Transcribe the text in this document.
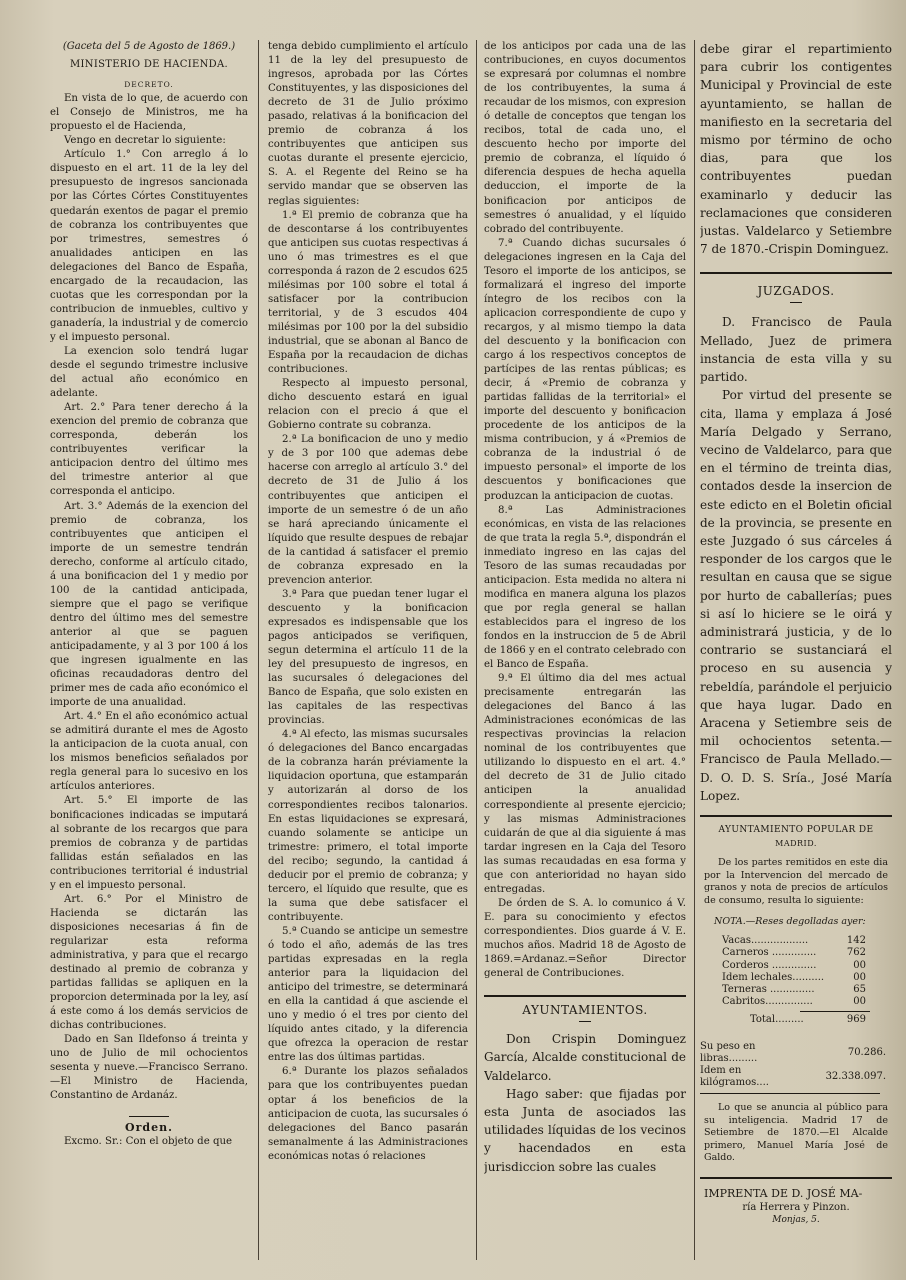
(Gaceta del 5 de Agosto de 1869.)

MINISTERIO DE HACIENDA.

DECRETO.

En vista de lo que, de acuerdo con el Consejo de Ministros, me ha propuesto el de Hacienda,

Vengo en decretar lo siguiente:

Artículo 1.° Con arreglo á lo dispuesto en el art. 11 de la ley del presupuesto de ingresos sancionada por las Córtes Córtes Constituyentes quedarán exentos de pagar el premio de cobranza los contribuyentes que por trimestres, semestres ó anualidades anticipen en las delegaciones del Banco de España, encargado de la recaudacion, las cuotas que les correspondan por la contribucion de inmuebles, cultivo y ganadería, la industrial y de comercio y el impuesto personal.

La exencion solo tendrá lugar desde el segundo trimestre inclusive del actual año económico en adelante.

Art. 2.° Para tener derecho á la exencion del premio de cobranza que corresponda, deberán los contribuyentes verificar la anticipacion dentro del último mes del trimestre anterior al que corresponda el anticipo.

Art. 3.° Además de la exencion del premio de cobranza, los contribuyentes que anticipen el importe de un semestre tendrán derecho, conforme al artículo citado, á una bonificacion del 1 y medio por 100 de la cantidad anticipada, siempre que el pago se verifique dentro del último mes del semestre anterior al que se paguen anticipadamente, y al 3 por 100 á los que ingresen igualmente en las oficinas recaudadoras dentro del primer mes de cada año económico el importe de una anualidad.

Art. 4.° En el año económico actual se admitirá durante el mes de Agosto la anticipacion de la cuota anual, con los mismos beneficios señalados por regla general para lo sucesivo en los artículos anteriores.

Art. 5.° El importe de las bonificaciones indicadas se imputará al sobrante de los recargos que para premios de cobranza y de partidas fallidas están señalados en las contribuciones territorial é industrial y en el impuesto personal.

Art. 6.° Por el Ministro de Hacienda se dictarán las disposiciones necesarias á fin de regularizar esta reforma administrativa, y para que el recargo destinado al premio de cobranza y partidas fallidas se apliquen en la proporcion determinada por la ley, así á este como á los demás servicios de dichas contribuciones.

Dado en San Ildefonso á treinta y uno de Julio de mil ochocientos sesenta y nueve.—Francisco Serrano.—El Ministro de Hacienda, Constantino de Ardanáz.

Orden.

Excmo. Sr.: Con el objeto de que

tenga debido cumplimiento el artículo 11 de la ley del presupuesto de ingresos, aprobada por las Córtes Constituyentes, y las disposiciones del decreto de 31 de Julio próximo pasado, relativas á la bonificacion del premio de cobranza á los contribuyentes que anticipen sus cuotas durante el presente ejercicio, S. A. el Regente del Reino se ha servido mandar que se observen las reglas siguientes:

1.ª El premio de cobranza que ha de descontarse á los contribuyentes que anticipen sus cuotas respectivas á uno ó mas trimestres es el que corresponda á razon de 2 escudos 625 milésimas por 100 sobre el total á satisfacer por la contribucion territorial, y de 3 escudos 404 milésimas por 100 por la del subsidio industrial, que se abonan al Banco de España por la recaudacion de dichas contribuciones.

Respecto al impuesto personal, dicho descuento estará en igual relacion con el precio á que el Gobierno contrate su cobranza.

2.ª La bonificacion de uno y medio y de 3 por 100 que ademas debe hacerse con arreglo al artículo 3.° del decreto de 31 de Julio á los contribuyentes que anticipen el importe de un semestre ó de un año se hará apreciando únicamente el líquido que resulte despues de rebajar de la cantidad á satisfacer el premio de cobranza expresado en la prevencion anterior.

3.ª Para que puedan tener lugar el descuento y la bonificacion expresados es indispensable que los pagos anticipados se verifiquen, segun determina el artículo 11 de la ley del presupuesto de ingresos, en las sucursales ó delegaciones del Banco de España, que solo existen en las capitales de las respectivas provincias.

4.ª Al efecto, las mismas sucursales ó delegaciones del Banco encargadas de la cobranza harán préviamente la liquidacion oportuna, que estamparán y autorizarán al dorso de los correspondientes recibos talonarios. En estas liquidaciones se expresará, cuando solamente se anticipe un trimestre: primero, el total importe del recibo; segundo, la cantidad á deducir por el premio de cobranza; y tercero, el líquido que resulte, que es la suma que debe satisfacer el contribuyente.

5.ª Cuando se anticipe un semestre ó todo el año, además de las tres partidas expresadas en la regla anterior para la liquidacion del anticipo del trimestre, se determinará en ella la cantidad á que asciende el uno y medio ó el tres por ciento del líquido antes citado, y la diferencia que ofrezca la operacion de restar entre las dos últimas partidas.

6.ª Durante los plazos señalados para que los contribuyentes puedan optar á los beneficios de la anticipacion de cuota, las sucursales ó delegaciones del Banco pasarán semanalmente á las Administraciones económicas notas ó relaciones

de los anticipos por cada una de las contribuciones, en cuyos documentos se expresará por columnas el nombre de los contribuyentes, la suma á recaudar de los mismos, con expresion ó detalle de conceptos que tengan los recibos, total de cada uno, el descuento hecho por importe del premio de cobranza, el líquido ó diferencia despues de hecha aquella deduccion, el importe de la bonificacion por anticipos de semestres ó anualidad, y el líquido cobrado del contribuyente.

7.ª Cuando dichas sucursales ó delegaciones ingresen en la Caja del Tesoro el importe de los anticipos, se formalizará el ingreso del importe íntegro de los recibos con la aplicacion correspondiente de cupo y recargos, y al mismo tiempo la data del descuento y la bonificacion con cargo á los respectivos conceptos de partícipes de las rentas públicas; es decir, á «Premio de cobranza y partidas fallidas de la territorial» el importe del descuento y bonificacion procedente de los anticipos de la misma contribucion, y á «Premios de cobranza de la industrial ó de impuesto personal» el importe de los descuentos y bonificaciones que produzcan la anticipacion de cuotas.

8.ª Las Administraciones económicas, en vista de las relaciones de que trata la regla 5.ª, dispondrán el inmediato ingreso en las cajas del Tesoro de las sumas recaudadas por anticipacion. Esta medida no altera ni modifica en manera alguna los plazos que por regla general se hallan establecidos para el ingreso de los fondos en la instruccion de 5 de Abril de 1866 y en el contrato celebrado con el Banco de España.

9.ª El último dia del mes actual precisamente entregarán las delegaciones del Banco á las Administraciones económicas de las respectivas provincias la relacion nominal de los contribuyentes que utilizando lo dispuesto en el art. 4.° del decreto de 31 de Julio citado anticipen la anualidad correspondiente al presente ejercicio; y las mismas Administraciones cuidarán de que al dia siguiente á mas tardar ingresen en la Caja del Tesoro las sumas recaudadas en esa forma y que con anterioridad no hayan sido entregadas.

De órden de S. A. lo comunico á V. E. para su conocimiento y efectos correspondientes. Dios guarde á V. E. muchos años. Madrid 18 de Agosto de 1869.=Ardanaz.=Señor Director general de Contribuciones.

AYUNTAMIENTOS.

Don Crispin Dominguez García, Alcalde constitucional de Valdelarco.

Hago saber: que fijadas por esta Junta de asociados las utilidades líquidas de los vecinos y hacendados en esta jurisdiccion sobre las cuales

debe girar el repartimiento para cubrir los contigentes Municipal y Provincial de este ayuntamiento, se hallan de manifiesto en la secretaria del mismo por término de ocho dias, para que los contribuyentes puedan examinarlo y deducir las reclamaciones que consideren justas. Valdelarco y Setiembre 7 de 1870.-Crispin Dominguez.

JUZGADOS.

D. Francisco de Paula Mellado, Juez de primera instancia de esta villa y su partido.

Por virtud del presente se cita, llama y emplaza á José María Delgado y Serrano, vecino de Valdelarco, para que en el término de treinta dias, contados desde la insercion de este edicto en el Boletin oficial de la provincia, se presente en este Juzgado ó sus cárceles á responder de los cargos que le resultan en causa que se sigue por hurto de caballerías; pues si así lo hiciere se le oirá y administrará justicia, y de lo contrario se sustanciará el proceso en su ausencia y rebeldía, parándole el perjuicio que haya lugar. Dado en Aracena y Setiembre seis de mil ochocientos setenta.—Francisco de Paula Mellado.—D. O. D. S. Sría., José María Lopez.

AYUNTAMIENTO POPULAR DE

MADRID.

De los partes remitidos en este dia por la Intervencion del mercado de granos y nota de precios de artículos de consumo, resulta lo siguiente:

NOTA.—Reses degolladas ayer:

Vacas..................	142
Carneros ..............	762
Corderos ..............	00
Idem lechales..........	00
Terneras ..............	65
Cabritos...............	00
Total.........	969
Su peso en libras.........	70.286.
Idem en kilógramos....	32.338.097.

Lo que se anuncia al público para su inteligencia. Madrid 17 de Setiembre de 1870.—El Alcalde primero, Manuel María José de Galdo.

IMPRENTA DE D. JOSÉ MA-

ría Herrera y Pinzon.

Monjas, 5.
